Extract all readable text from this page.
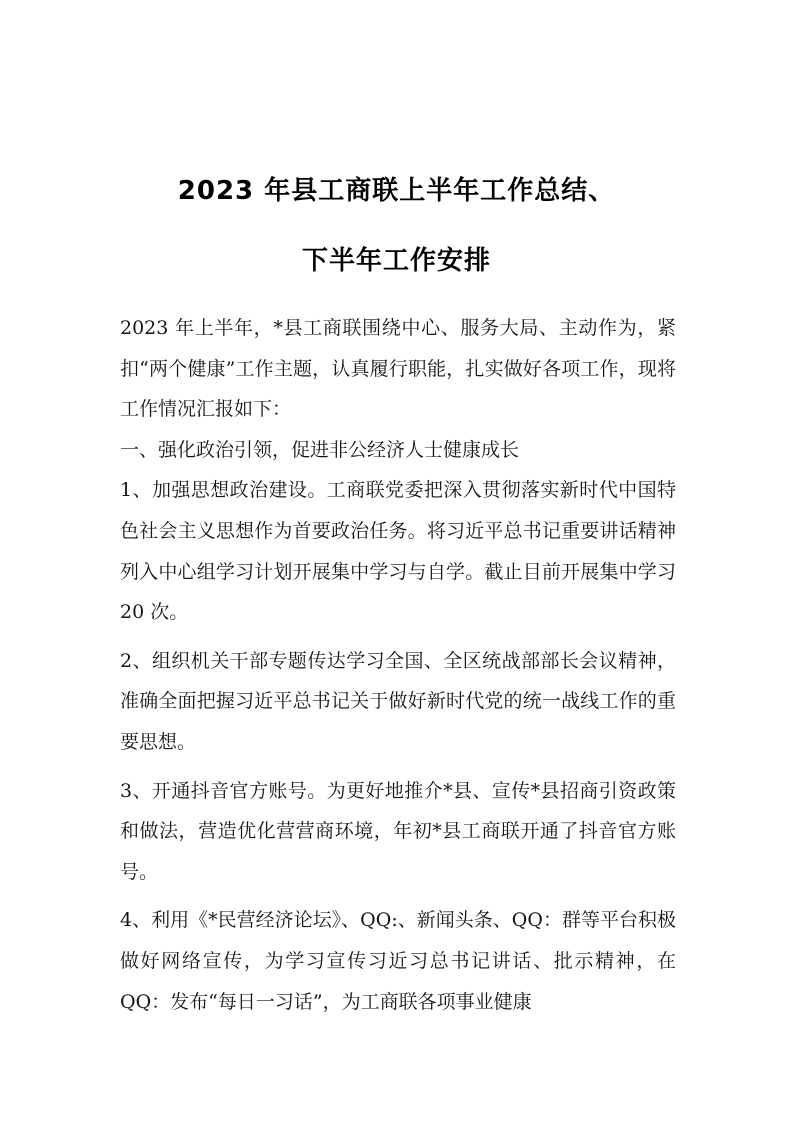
2023 年县工商联上半年工作总结、
下半年工作安排

2023 年上半年，*县工商联围绕中心、服务大局、主动作为，紧扣“两个健康”工作主题，认真履行职能，扎实做好各项工作，现将工作情况汇报如下：

一、强化政治引领，促进非公经济人士健康成长

1、加强思想政治建设。工商联党委把深入贯彻落实新时代中国特色社会主义思想作为首要政治任务。将习近平总书记重要讲话精神列入中心组学习计划开展集中学习与自学。截止目前开展集中学习 20 次。

2、组织机关干部专题传达学习全国、全区统战部部长会议精神，准确全面把握习近平总书记关于做好新时代党的统一战线工作的重要思想。

3、开通抖音官方账号。为更好地推介*县、宣传*县招商引资政策和做法，营造优化营营商环境，年初*县工商联开通了抖音官方账号。

4、利用《*民营经济论坛》、QQ:、新闻头条、QQ：群等平台积极做好网络宣传，为学习宣传习近习总书记讲话、批示精神，在 QQ：发布“每日一习话”，为工商联各项事业健康
